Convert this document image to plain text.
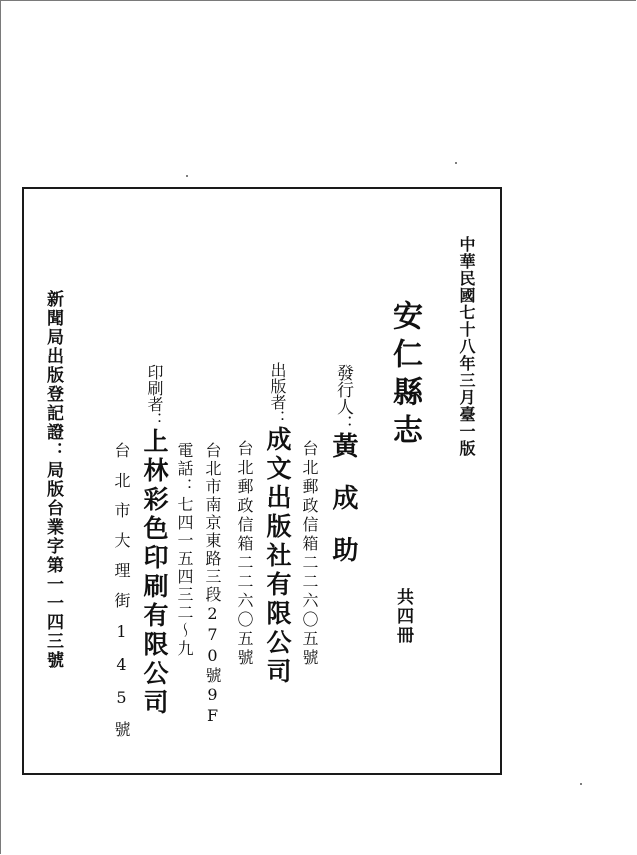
中華民國七十八年三月臺一版
安仁縣志
共四冊
發行人：黃　成　助
台北郵政信箱二二六〇五號
出版者：成文出版社有限公司
台北郵政信箱二二六〇五號
台北市南京東路三段270號9F
電話：七四一五四三二～九
印刷者：上林彩色印刷有限公司
台北市大理街145號
新聞局出版登記證：局版台業字第一一四三號
